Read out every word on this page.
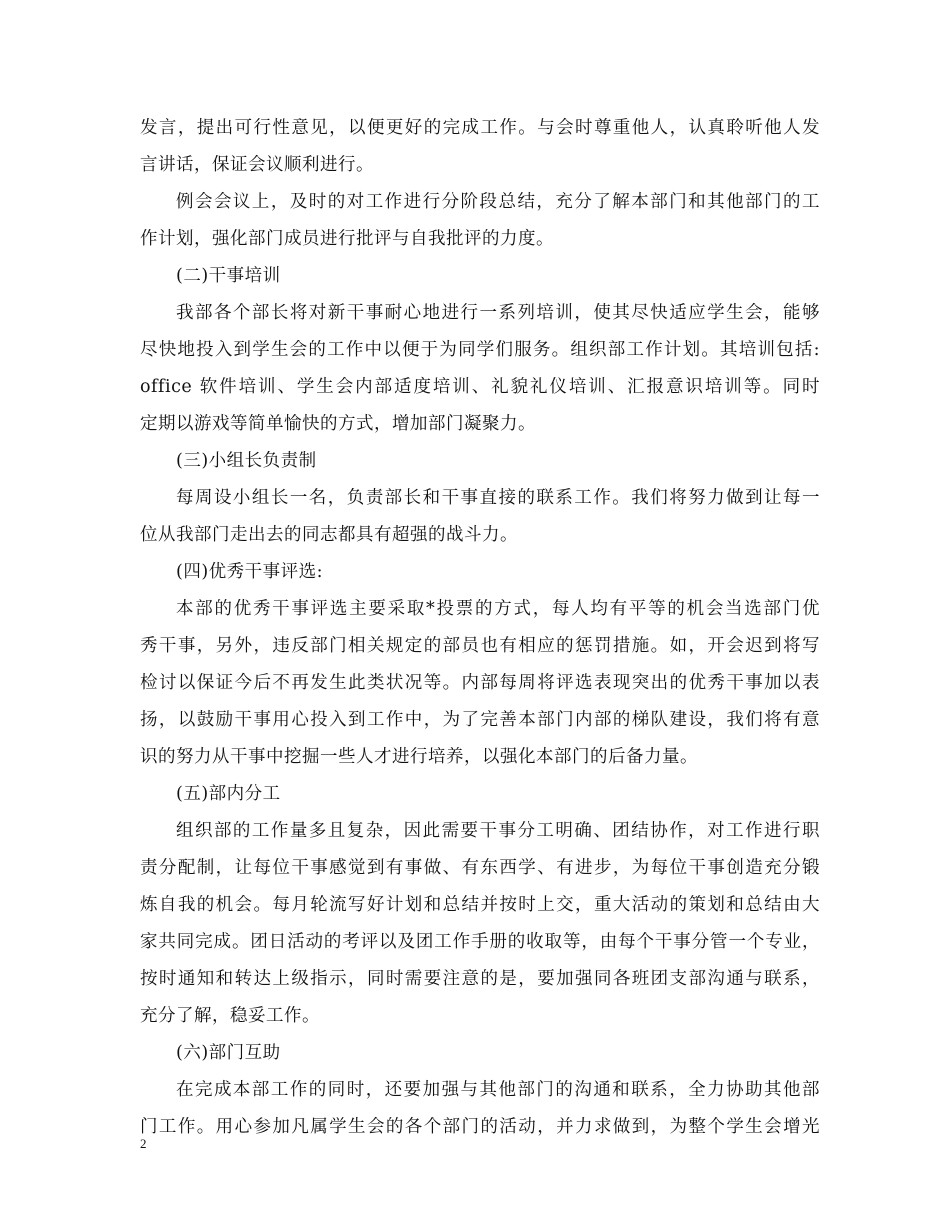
发言，提出可行性意见，以便更好的完成工作。与会时尊重他人，认真聆听他人发
言讲话，保证会议顺利进行。
例会会议上，及时的对工作进行分阶段总结，充分了解本部门和其他部门的工
作计划，强化部门成员进行批评与自我批评的力度。
(二)干事培训
我部各个部长将对新干事耐心地进行一系列培训，使其尽快适应学生会，能够
尽快地投入到学生会的工作中以便于为同学们服务。组织部工作计划。其培训包括:
office 软件培训、学生会内部适度培训、礼貌礼仪培训、汇报意识培训等。同时
定期以游戏等简单愉快的方式，增加部门凝聚力。
(三)小组长负责制
每周设小组长一名，负责部长和干事直接的联系工作。我们将努力做到让每一
位从我部门走出去的同志都具有超强的战斗力。
(四)优秀干事评选:
本部的优秀干事评选主要采取*投票的方式，每人均有平等的机会当选部门优
秀干事，另外，违反部门相关规定的部员也有相应的惩罚措施。如，开会迟到将写
检讨以保证今后不再发生此类状况等。内部每周将评选表现突出的优秀干事加以表
扬，以鼓励干事用心投入到工作中，为了完善本部门内部的梯队建设，我们将有意
识的努力从干事中挖掘一些人才进行培养，以强化本部门的后备力量。
(五)部内分工
组织部的工作量多且复杂，因此需要干事分工明确、团结协作，对工作进行职
责分配制，让每位干事感觉到有事做、有东西学、有进步，为每位干事创造充分锻
炼自我的机会。每月轮流写好计划和总结并按时上交，重大活动的策划和总结由大
家共同完成。团日活动的考评以及团工作手册的收取等，由每个干事分管一个专业，
按时通知和转达上级指示，同时需要注意的是，要加强同各班团支部沟通与联系，
充分了解，稳妥工作。
(六)部门互助
在完成本部工作的同时，还要加强与其他部门的沟通和联系，全力协助其他部
门工作。用心参加凡属学生会的各个部门的活动，并力求做到，为整个学生会增光
2
